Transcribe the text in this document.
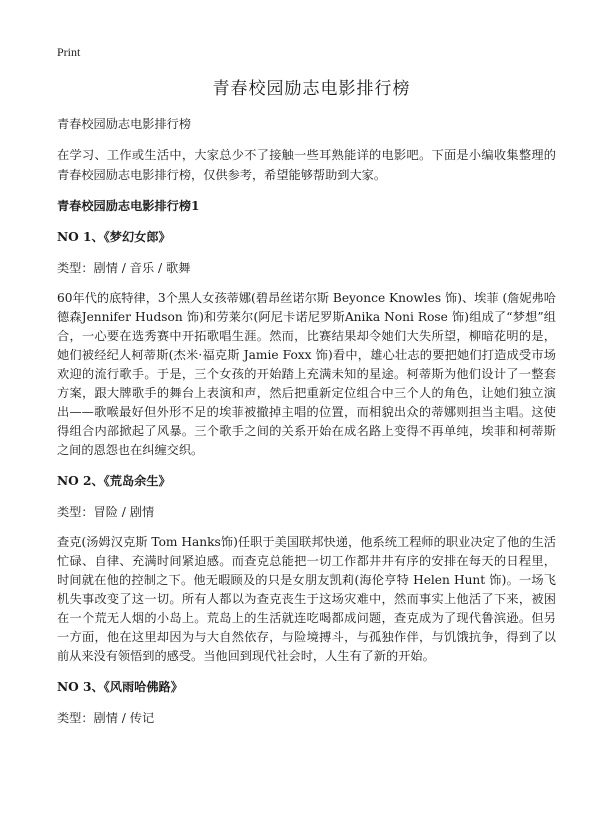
Print
青春校园励志电影排行榜

青春校园励志电影排行榜

在学习、工作或生活中，大家总少不了接触一些耳熟能详的电影吧。下面是小编收集整理的青春校园励志电影排行榜，仅供参考，希望能够帮助到大家。

青春校园励志电影排行榜1

NO 1、《梦幻女郎》

类型：剧情 / 音乐 / 歌舞

60年代的底特律，3个黑人女孩蒂娜(碧昂丝诺尔斯 Beyonce Knowles 饰)、埃菲 (詹妮弗哈德森Jennifer Hudson 饰)和劳莱尔(阿尼卡诺尼罗斯Anika Noni Rose 饰)组成了“梦想”组合，一心要在选秀赛中开拓歌唱生涯。然而，比赛结果却令她们大失所望，柳暗花明的是，她们被经纪人柯蒂斯(杰米·福克斯 Jamie Foxx 饰)看中，雄心壮志的要把她们打造成受市场欢迎的流行歌手。于是，三个女孩的开始踏上充满未知的星途。柯蒂斯为他们设计了一整套方案，跟大牌歌手的舞台上表演和声，然后把重新定位组合中三个人的角色，让她们独立演出——歌喉最好但外形不足的埃菲被撤掉主唱的位置，而相貌出众的蒂娜则担当主唱。这使得组合内部掀起了风暴。三个歌手之间的关系开始在成名路上变得不再单纯，埃菲和柯蒂斯之间的恩怨也在纠缠交织。

NO 2、《荒岛余生》

类型：冒险 / 剧情

查克(汤姆汉克斯 Tom Hanks饰)任职于美国联邦快递，他系统工程师的职业决定了他的生活忙碌、自律、充满时间紧迫感。而查克总能把一切工作都井井有序的安排在每天的日程里，时间就在他的控制之下。他无暇顾及的只是女朋友凯莉(海伦亨特 Helen Hunt 饰)。一场飞机失事改变了这一切。所有人都以为查克丧生于这场灾难中，然而事实上他活了下来，被困在一个荒无人烟的小岛上。荒岛上的生活就连吃喝都成问题，查克成为了现代鲁滨逊。但另一方面，他在这里却因为与大自然依存，与险境搏斗，与孤独作伴，与饥饿抗争，得到了以前从来没有领悟到的感受。当他回到现代社会时，人生有了新的开始。

NO 3、《风雨哈佛路》

类型：剧情 / 传记
